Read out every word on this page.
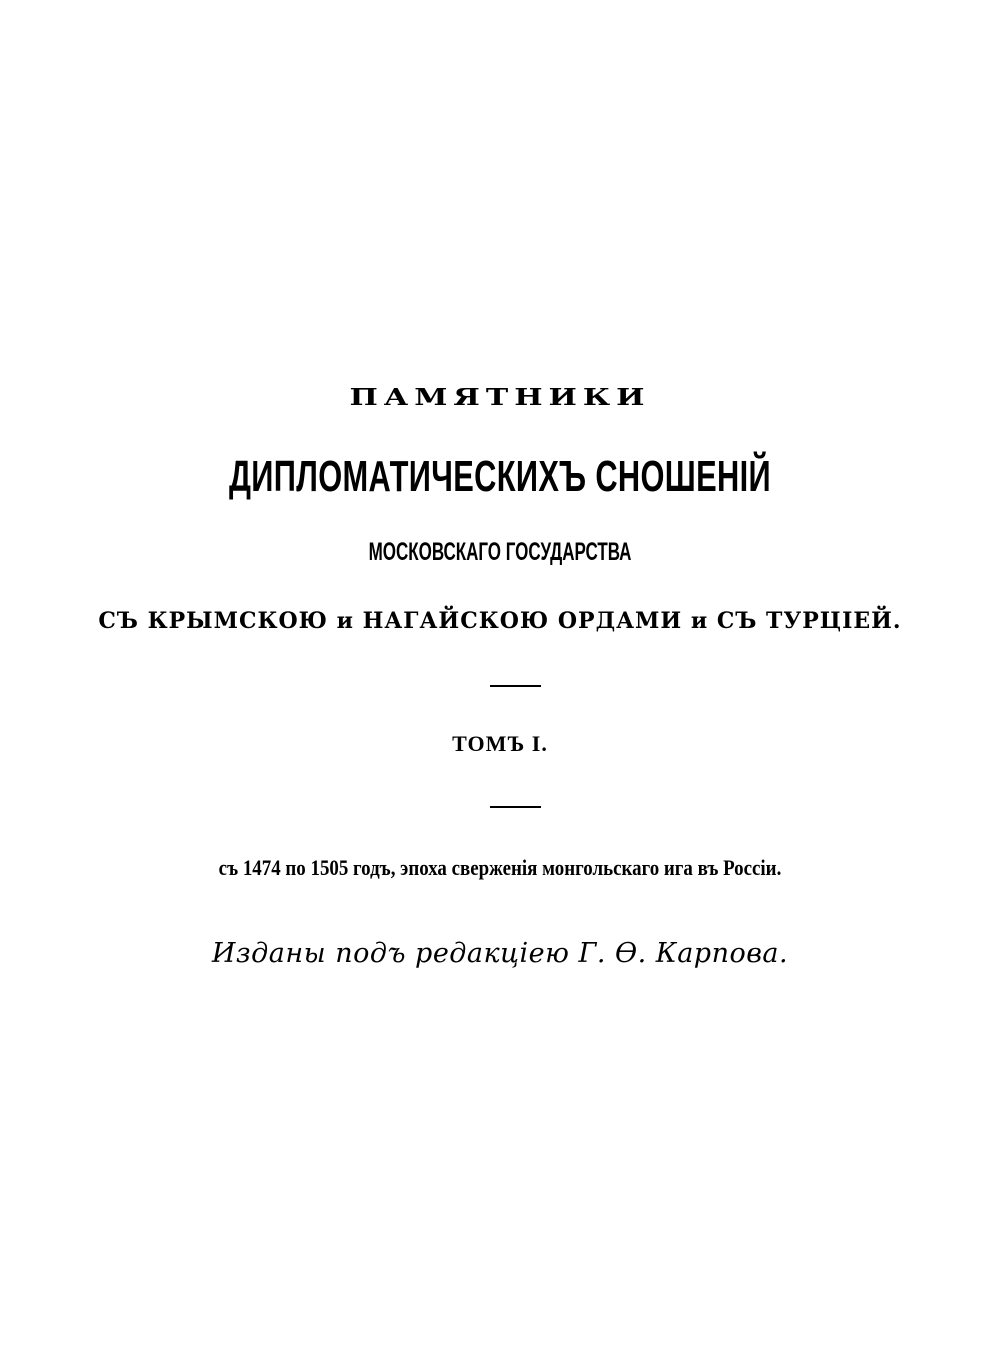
ПАМЯТНИКИ
ДИПЛОМАТИЧЕСКИХЪ СНОШЕНІЙ
МОСКОВСКАГО ГОСУДАРСТВА
СЪ КРЫМСКОЮ и НАГАЙСКОЮ ОРДАМИ и СЪ ТУРЦІЕЙ.
ТОМЪ I.
съ 1474 по 1505 годъ, эпоха сверженія монгольскаго ига въ Россіи.
Изданы подъ редакціею Г. Ѳ. Карпова.
